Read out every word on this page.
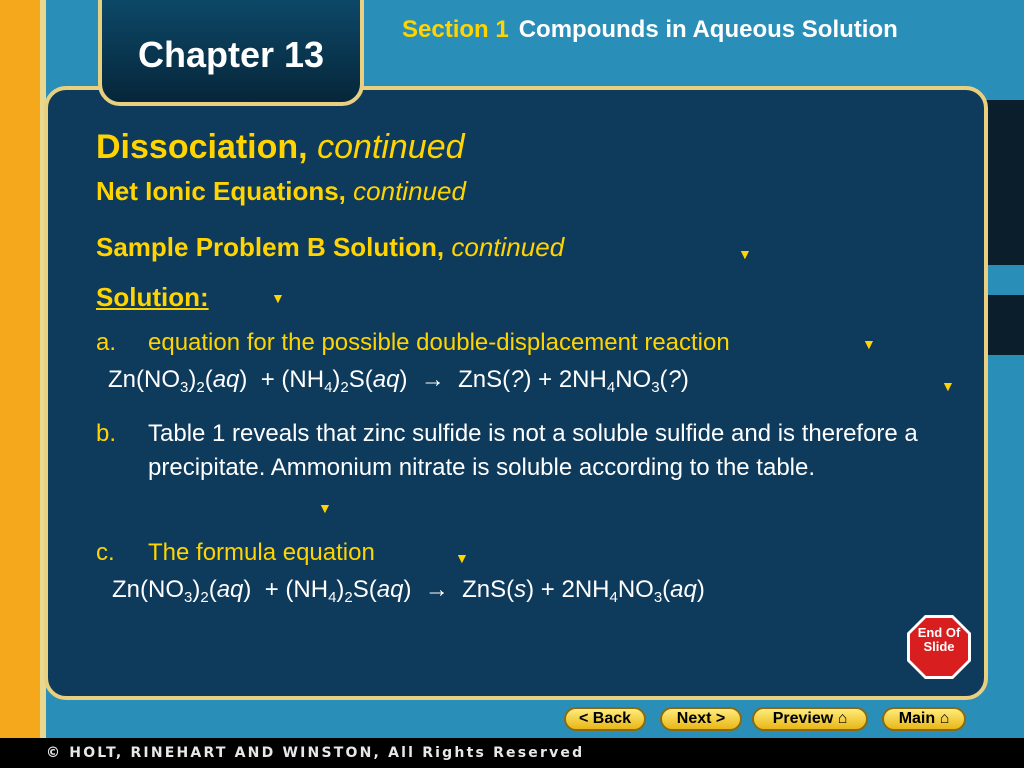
Chapter 13
Section 1 Compounds in Aqueous Solution
Dissociation, continued
Net Ionic Equations, continued
Sample Problem B Solution, continued	▼
Solution:	▼
a. equation for the possible double-displacement reaction	▼
$Zn(NO_3)_2(aq) + (NH_4)_2S(aq)$  →  ZnS(?) + $2NH_4NO_3(?)$	▼
b. Table 1 reveals that zinc sulfide is not a soluble sulfide and is therefore a precipitate. Ammonium nitrate is soluble according to the table.
▼
c. The formula equation	▼
$Zn(NO_3)_2(aq) + (NH_4)_2S(aq) \to ZnS(s) + 2NH_4NO_3(aq)$
End Of Slide
< Back	Next >	Preview ⌂	Main ⌂
© HOLT, RINEHART AND WINSTON, All Rights Reserved
